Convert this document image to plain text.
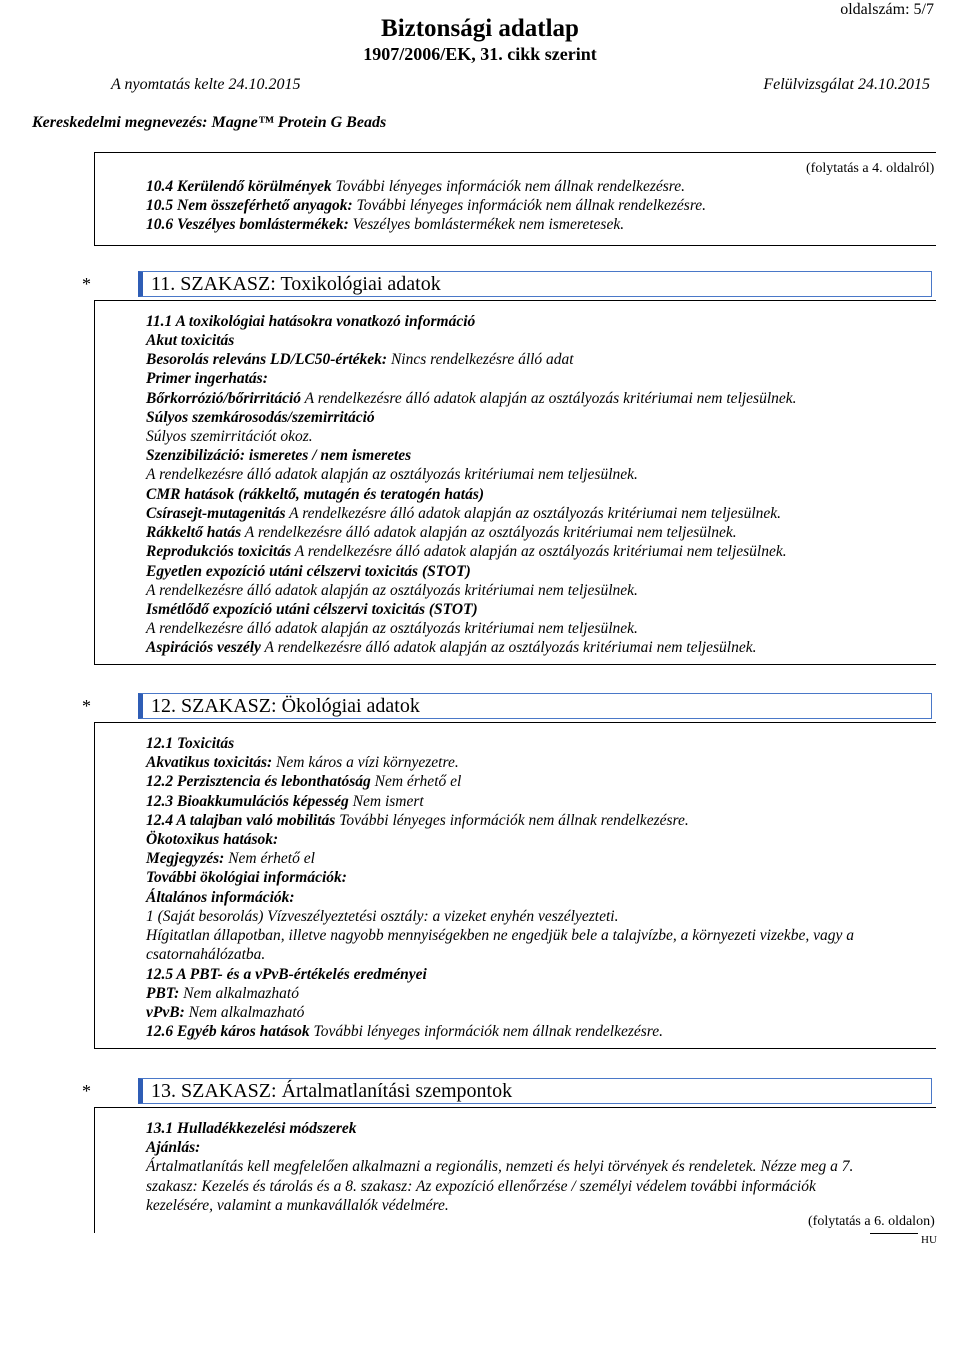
oldalszám: 5/7
Biztonsági adatlap
1907/2006/EK, 31. cikk szerint
A nyomtatás kelte 24.10.2015	Felülvizsgálat 24.10.2015
Kereskedelmi megnevezés: Magne™ Protein G Beads
(folytatás a 4. oldalról)
10.4 Kerülendő körülmények További lényeges információk nem állnak rendelkezésre.
10.5 Nem összeférhető anyagok: További lényeges információk nem állnak rendelkezésre.
10.6 Veszélyes bomlástermékek: Veszélyes bomlástermékek nem ismeretesek.
*	11. SZAKASZ: Toxikológiai adatok
11.1 A toxikológiai hatásokra vonatkozó információ
Akut toxicitás
Besorolás releváns LD/LC50-értékek: Nincs rendelkezésre álló adat
Primer ingerhatás:
Bőrkorrózió/bőrirritáció A rendelkezésre álló adatok alapján az osztályozás kritériumai nem teljesülnek.
Súlyos szemkárosodás/szemirritáció
Súlyos szemirritációt okoz.
Szenzibilizáció: ismeretes / nem ismeretes
A rendelkezésre álló adatok alapján az osztályozás kritériumai nem teljesülnek.
CMR hatások (rákkeltő, mutagén és teratogén hatás)
Csírasejt-mutagenitás A rendelkezésre álló adatok alapján az osztályozás kritériumai nem teljesülnek.
Rákkeltő hatás A rendelkezésre álló adatok alapján az osztályozás kritériumai nem teljesülnek.
Reprodukciós toxicitás A rendelkezésre álló adatok alapján az osztályozás kritériumai nem teljesülnek.
Egyetlen expozíció utáni célszervi toxicitás (STOT)
A rendelkezésre álló adatok alapján az osztályozás kritériumai nem teljesülnek.
Ismétlődő expozíció utáni célszervi toxicitás (STOT)
A rendelkezésre álló adatok alapján az osztályozás kritériumai nem teljesülnek.
Aspirációs veszély A rendelkezésre álló adatok alapján az osztályozás kritériumai nem teljesülnek.
*	12. SZAKASZ: Ökológiai adatok
12.1 Toxicitás
Akvatikus toxicitás: Nem káros a vízi környezetre.
12.2 Perzisztencia és lebonthatóság Nem érhető el
12.3 Bioakkumulációs képesség Nem ismert
12.4 A talajban való mobilitás További lényeges információk nem állnak rendelkezésre.
Ökotoxikus hatások:
Megjegyzés: Nem érhető el
További ökológiai információk:
Általános információk:
1 (Saját besorolás) Vízveszélyeztetési osztály: a vizeket enyhén veszélyezteti.
Hígitatlan állapotban, illetve nagyobb mennyiségekben ne engedjük bele a talajvízbe, a környezeti vizekbe, vagy a
csatornahálózatba.
12.5 A PBT- és a vPvB-értékelés eredményei
PBT: Nem alkalmazható
vPvB: Nem alkalmazható
12.6 Egyéb káros hatások További lényeges információk nem állnak rendelkezésre.
*	13. SZAKASZ: Ártalmatlanítási szempontok
13.1 Hulladékkezelési módszerek
Ajánlás:
Ártalmatlanítás kell megfelelően alkalmazni a regionális, nemzeti és helyi törvények és rendeletek. Nézze meg a 7.
szakasz: Kezelés és tárolás és a 8. szakasz: Az expozíció ellenőrzése / személyi védelem további információk
kezelésére, valamint a munkavállalók védelmére.
(folytatás a 6. oldalon)
HU
